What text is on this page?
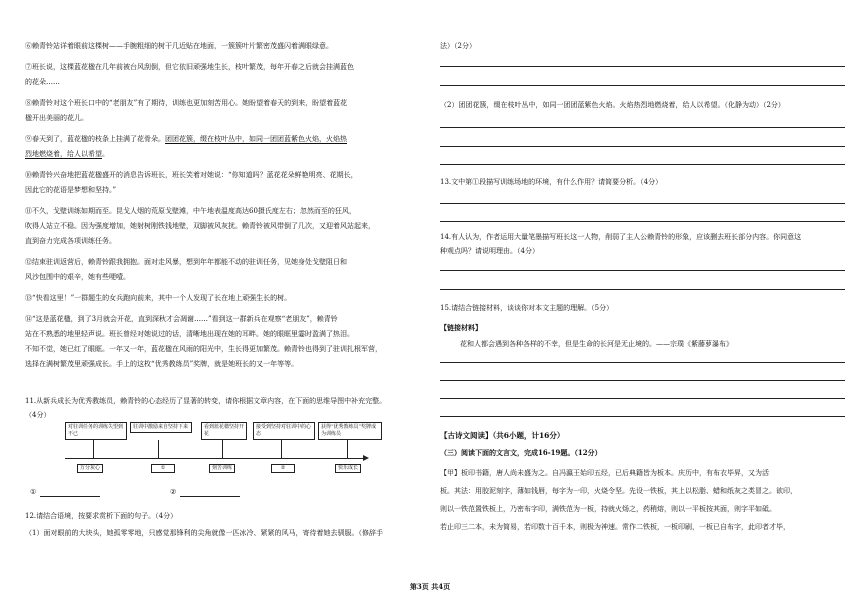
⑥赖青铃站详着眼前这棵树——手腕粗细的树干几近贴在地面，一簇簇叶片繁密茂盛闪着满眼绿意。
⑦班长说，这棵蓝花楹在几年前被台风刮倒，但它依旧顽强地生长，枝叶繁茂，每年开春之后就会挂满蓝色
的花朵……
⑧赖青铃对这个班长口中的“老朋友”有了期待，训练也更加刻苦用心。她盼望着春天的到来，盼望着蓝花
楹开出美丽的花儿。
⑨春天到了，蓝花楹的枝条上挂满了花骨朵。团团花簇，缀在枝叶丛中，如同一团团蓝紫色火焰，火焰热
烈地燃烧着，给人以希望。
⑩赖青铃兴奋地把蓝花楹盛开的消息告诉班长，班长笑着对她说：“你知道吗？蓝花花朵鲜艳明亮、花期长，
因此它的花语是梦想和坚持。”
⑪不久，戈壁训练如期而至。昆戈人烟的荒原戈壁滩，中午地表温度高达60摄氏度左右；忽然而至的狂风，
吹得人站立不稳。因为强度增加，她射树刚铁钱地壁，双脚被风灰扰。赖青铃被风带倒了几次，又迎着风站起来，
直到奋力完成各项训练任务。
⑫结束驻训返营后，赖青铃跟我拥抱。面对走风暴，想到年年都能不动的驻训任务，见她身处戈壁阻日和
风沙包围中的艰辛，她有些哽噎。
⑬“快看这里！”一群题生的女兵跑向前来，其中一个人发现了长在地上顽强生长的树。
⑭“这是蓝花楹，到了3月就会开花，直到深秋才会凋谢……”看到这一群新兵在观察“老朋友”，赖青铃
站在不熟悉的地里轻声说。班长曾经对她说过的话，清晰地出现在她的耳畔。她的眼眶里霎时盈满了热泪。
不知不觉，她已红了眼眶。一年又一年，蓝花楹在风雨的阳光中，生长得更加繁茂。赖青铃也得到了驻训扎根军营，
选择在满树繁茂里顽强成长。手上的这枚“优秀教练员”奖牌，就是她班长的又一年等等。
11.从新兵成长为优秀教练员，赖青铃的心态经历了显著的转变，请你根据文章内容，在下面的思维导图中补充完整。
（4分）
对驻训任务的训练失望到不已
驻训中激励来自坚持下来	看到蓝花楹坚持开花
接受到坚持对驻训中的心态
获得“优秀教练员”奖牌成为训练员
万分灰心	①	刻苦训练	②	快乐成长
①	②
12.请结合语境，按要求赏析下面的句子。（4分）
（1）面对眼前的大块头，她孤零零地，只感觉那锋利的尖角就像一匹冰冷、紧紧的风马，寄待着她去驯服。（修辞手
法）（2分）
（2）团团花簇，缀在枝叶丛中，如同一团团蓝紫色火焰。火焰热烈地燃烧着，给人以希望。（化静为动）（2分）
13.文中第①段描写训练场地的环境，有什么作用？请简要分析。（4分）
14.有人认为，作者运用大量笔墨描写班长这一人物，削弱了主人公赖青铃的形象，应该删去班长部分内容。你同意这
种观点吗？请说明理由。（4分）
15.请结合链接材料，谈谈你对本文主题的理解。（5分）
【链接材料】
花和人都会遇到各种各样的不幸，但是生命的长河是无止境的。——宗璞《紫藤萝瀑布》
【古诗文阅读】（共6小题，计16分）
（三）阅读下面的文言文，完成16-19题。（12分）
【甲】板印书籍，唐人尚未盛为之。自冯瀛王始印五经，已后典籍皆为板本。庆历中，有布衣毕昇，又为活
板。其法：用胶泥刻字，薄如钱唇，每字为一印，火烧令坚。先设一铁板，其上以松脂、蜡和纸灰之类冒之。欲印，
则以一铁范置铁板上，乃密布字印，满铁范为一板，持就火炀之，药稍熔，则以一平板按其面，则字平如砥。
若止印三二本，未为简易，若印数十百千本，则极为神速。常作二铁板，一板印刷，一板已自布字，此印者才毕，
第3页 共4页
